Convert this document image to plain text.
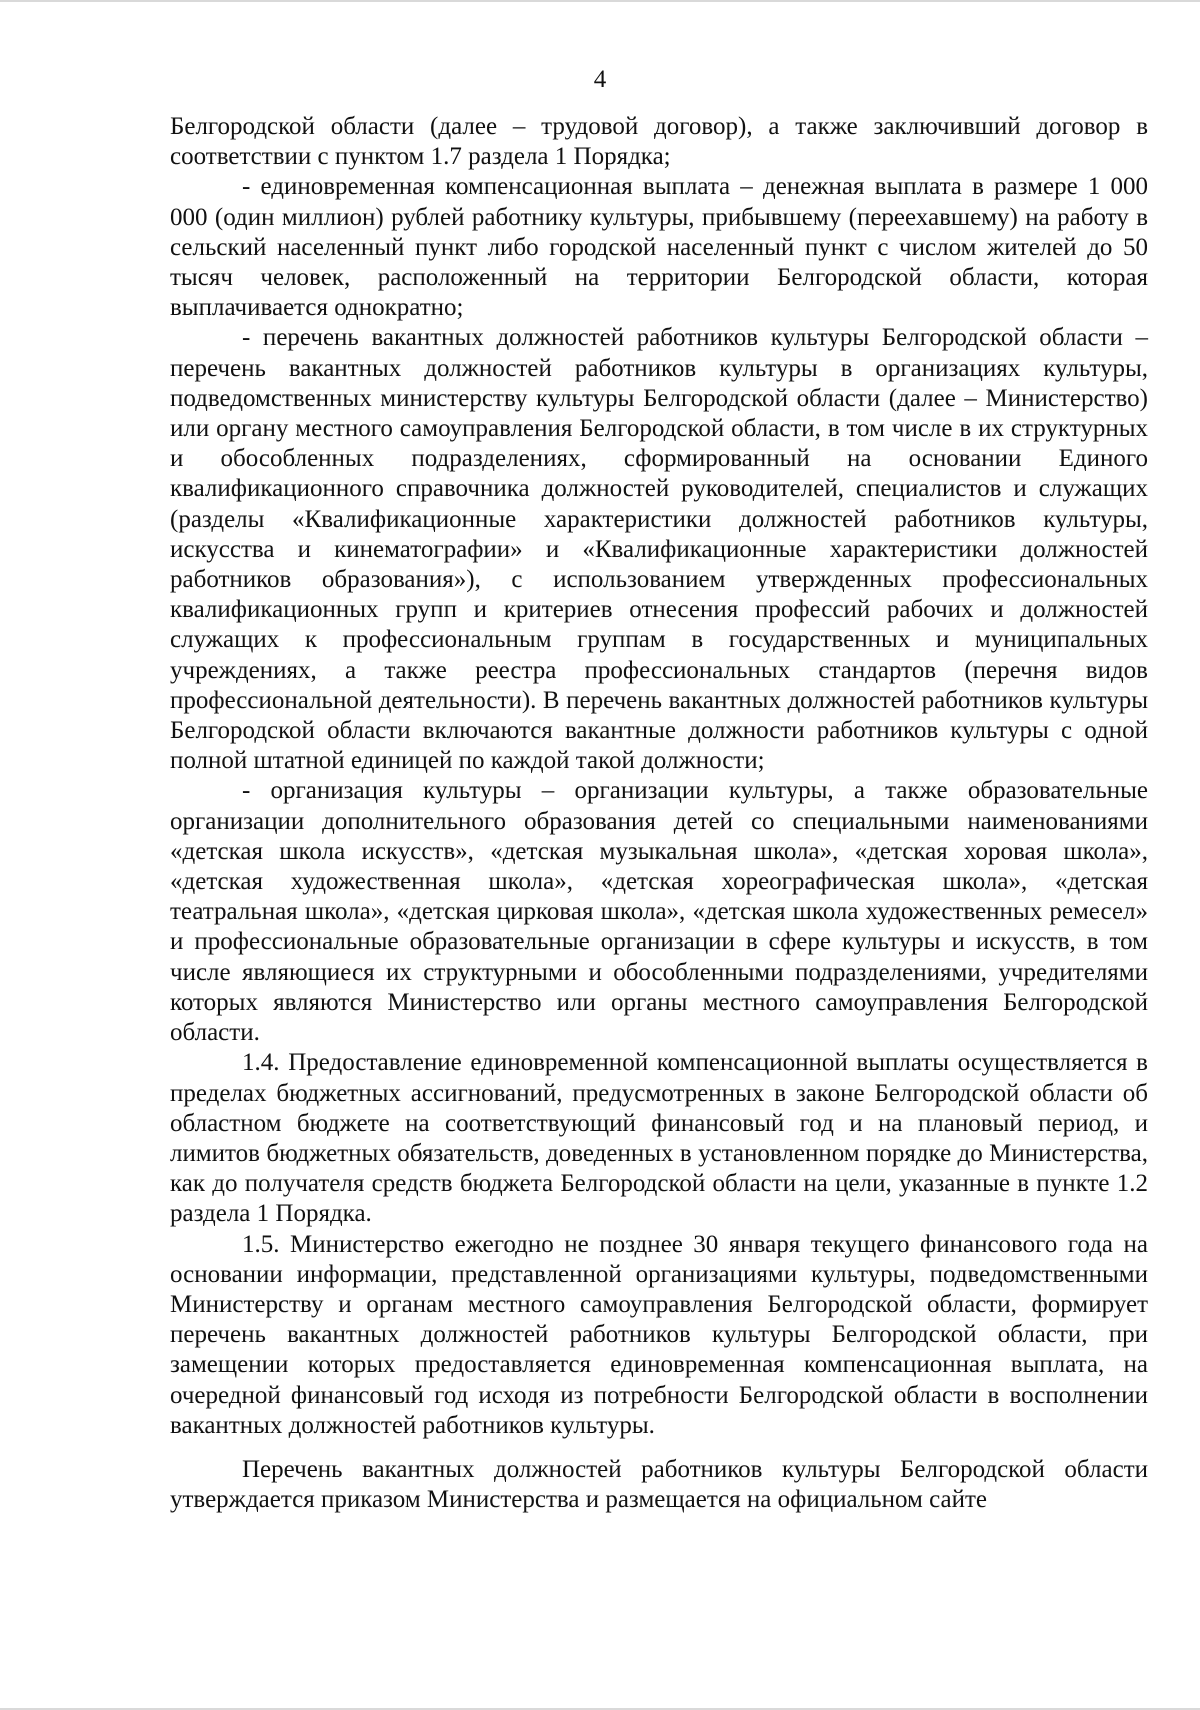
4

Белгородской области (далее – трудовой договор), а также заключивший договор в соответствии с пунктом 1.7 раздела 1 Порядка;

- единовременная компенсационная выплата – денежная выплата в размере 1 000 000 (один миллион) рублей работнику культуры, прибывшему (переехавшему) на работу в сельский населенный пункт либо городской населенный пункт с числом жителей до 50 тысяч человек, расположенный на территории Белгородской области, которая выплачивается однократно;

- перечень вакантных должностей работников культуры Белгородской области – перечень вакантных должностей работников культуры в организациях культуры, подведомственных министерству культуры Белгородской области (далее – Министерство) или органу местного самоуправления Белгородской области, в том числе в их структурных и обособленных подразделениях, сформированный на основании Единого квалификационного справочника должностей руководителей, специалистов и служащих (разделы «Квалификационные характеристики должностей работников культуры, искусства и кинематографии» и «Квалификационные характеристики должностей работников образования»), с использованием утвержденных профессиональных квалификационных групп и критериев отнесения профессий рабочих и должностей служащих к профессиональным группам в государственных и муниципальных учреждениях, а также реестра профессиональных стандартов (перечня видов профессиональной деятельности). В перечень вакантных должностей работников культуры Белгородской области включаются вакантные должности работников культуры с одной полной штатной единицей по каждой такой должности;

- организация культуры – организации культуры, а также образовательные организации дополнительного образования детей со специальными наименованиями «детская школа искусств», «детская музыкальная школа», «детская хоровая школа», «детская художественная школа», «детская хореографическая школа», «детская театральная школа», «детская цирковая школа», «детская школа художественных ремесел» и профессиональные образовательные организации в сфере культуры и искусств, в том числе являющиеся их структурными и обособленными подразделениями, учредителями которых являются Министерство или органы местного самоуправления Белгородской области.

1.4. Предоставление единовременной компенсационной выплаты осуществляется в пределах бюджетных ассигнований, предусмотренных в законе Белгородской области об областном бюджете на соответствующий финансовый год и на плановый период, и лимитов бюджетных обязательств, доведенных в установленном порядке до Министерства, как до получателя средств бюджета Белгородской области на цели, указанные в пункте 1.2 раздела 1 Порядка.

1.5. Министерство ежегодно не позднее 30 января текущего финансового года на основании информации, представленной организациями культуры, подведомственными Министерству и органам местного самоуправления Белгородской области, формирует перечень вакантных должностей работников культуры Белгородской области, при замещении которых предоставляется единовременная компенсационная выплата, на очередной финансовый год исходя из потребности Белгородской области в восполнении вакантных должностей работников культуры.

Перечень вакантных должностей работников культуры Белгородской области утверждается приказом Министерства и размещается на официальном сайте
